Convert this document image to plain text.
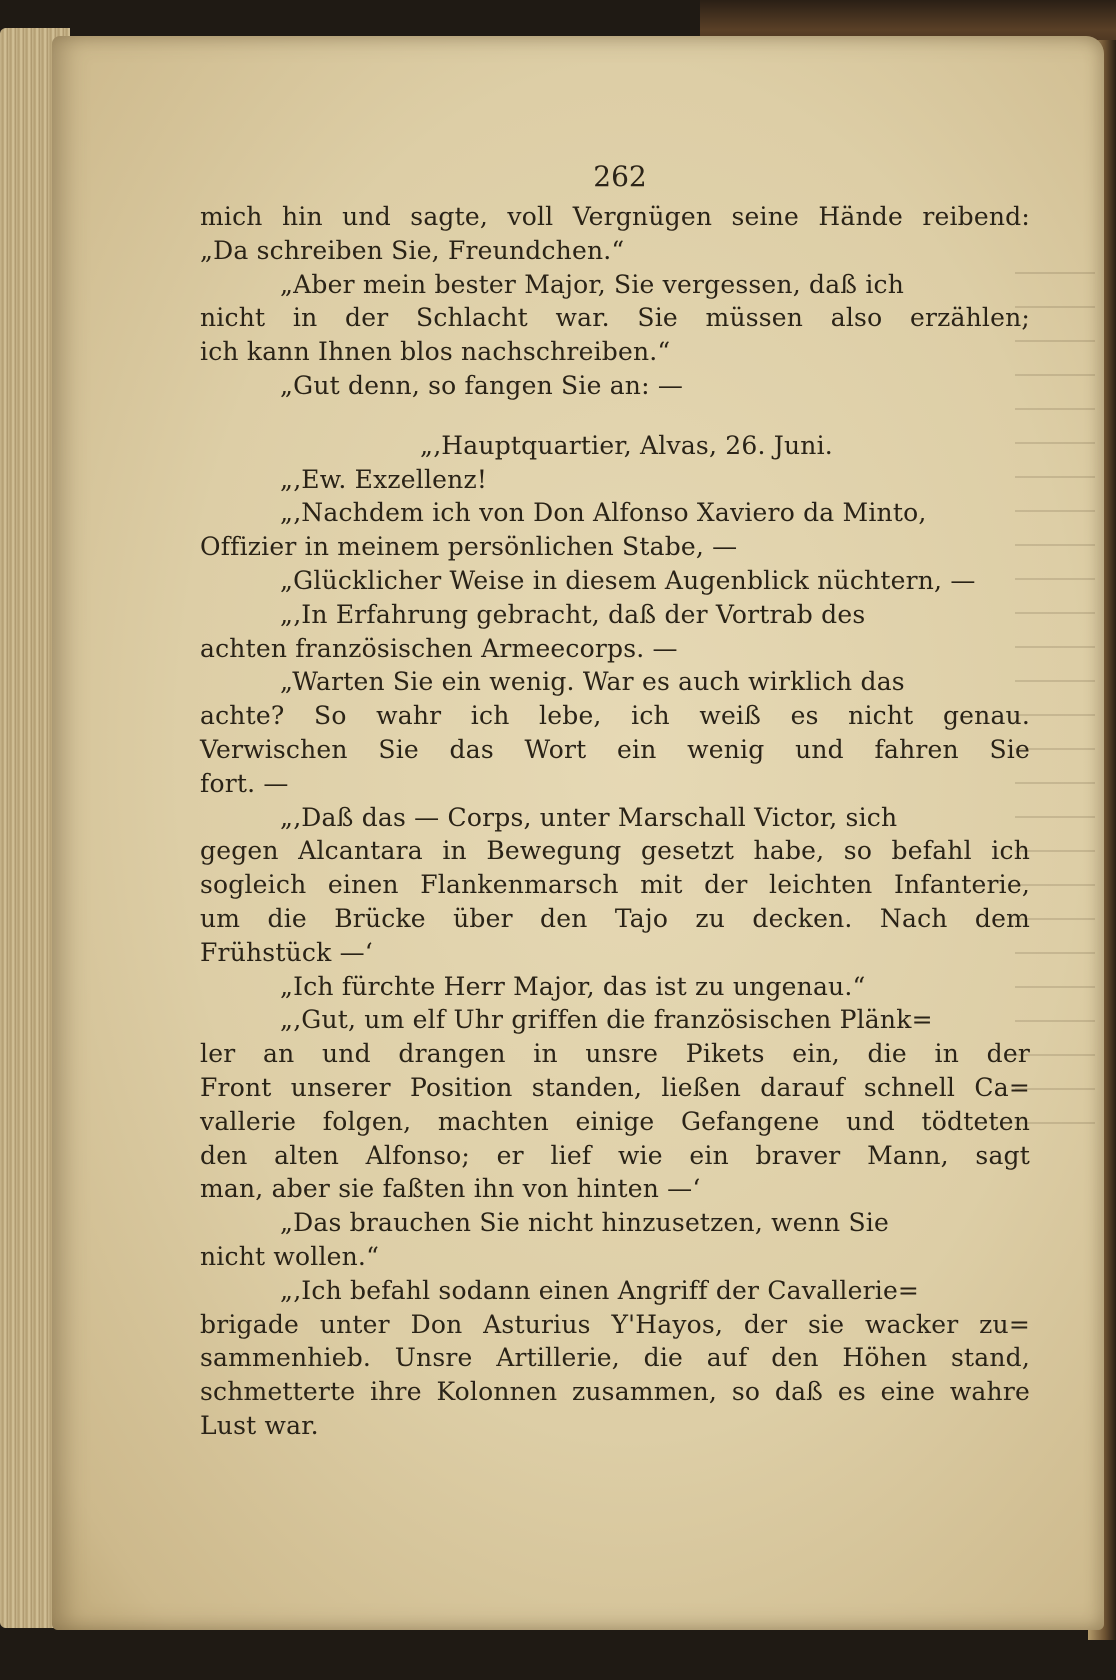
262
mich hin und sagte, voll Vergnügen seine Hände reibend:
„Da schreiben Sie, Freundchen.“
„Aber mein bester Major, Sie vergessen, daß ich
nicht in der Schlacht war. Sie müssen also erzählen;
ich kann Ihnen blos nachschreiben.“
„Gut denn, so fangen Sie an: —
„‚Hauptquartier, Alvas, 26. Juni.
„‚Ew. Exzellenz!
„‚Nachdem ich von Don Alfonso Xaviero da Minto,
Offizier in meinem persönlichen Stabe, —
„Glücklicher Weise in diesem Augenblick nüchtern, —
„‚In Erfahrung gebracht, daß der Vortrab des
achten französischen Armeecorps. —
„Warten Sie ein wenig. War es auch wirklich das
achte? So wahr ich lebe, ich weiß es nicht genau.
Verwischen Sie das Wort ein wenig und fahren Sie
fort. —
„‚Daß das — Corps, unter Marschall Victor, sich
gegen Alcantara in Bewegung gesetzt habe, so befahl ich
sogleich einen Flankenmarsch mit der leichten Infanterie,
um die Brücke über den Tajo zu decken. Nach dem
Frühstück —‘
„Ich fürchte Herr Major, das ist zu ungenau.“
„‚Gut, um elf Uhr griffen die französischen Plänk=
ler an und drangen in unsre Pikets ein, die in der
Front unserer Position standen, ließen darauf schnell Ca=
vallerie folgen, machten einige Gefangene und tödteten
den alten Alfonso; er lief wie ein braver Mann, sagt
man, aber sie faßten ihn von hinten —‘
„Das brauchen Sie nicht hinzusetzen, wenn Sie
nicht wollen.“
„‚Ich befahl sodann einen Angriff der Cavallerie=
brigade unter Don Asturius Y'Hayos, der sie wacker zu=
sammenhieb. Unsre Artillerie, die auf den Höhen stand,
schmetterte ihre Kolonnen zusammen, so daß es eine wahre
Lust war.
